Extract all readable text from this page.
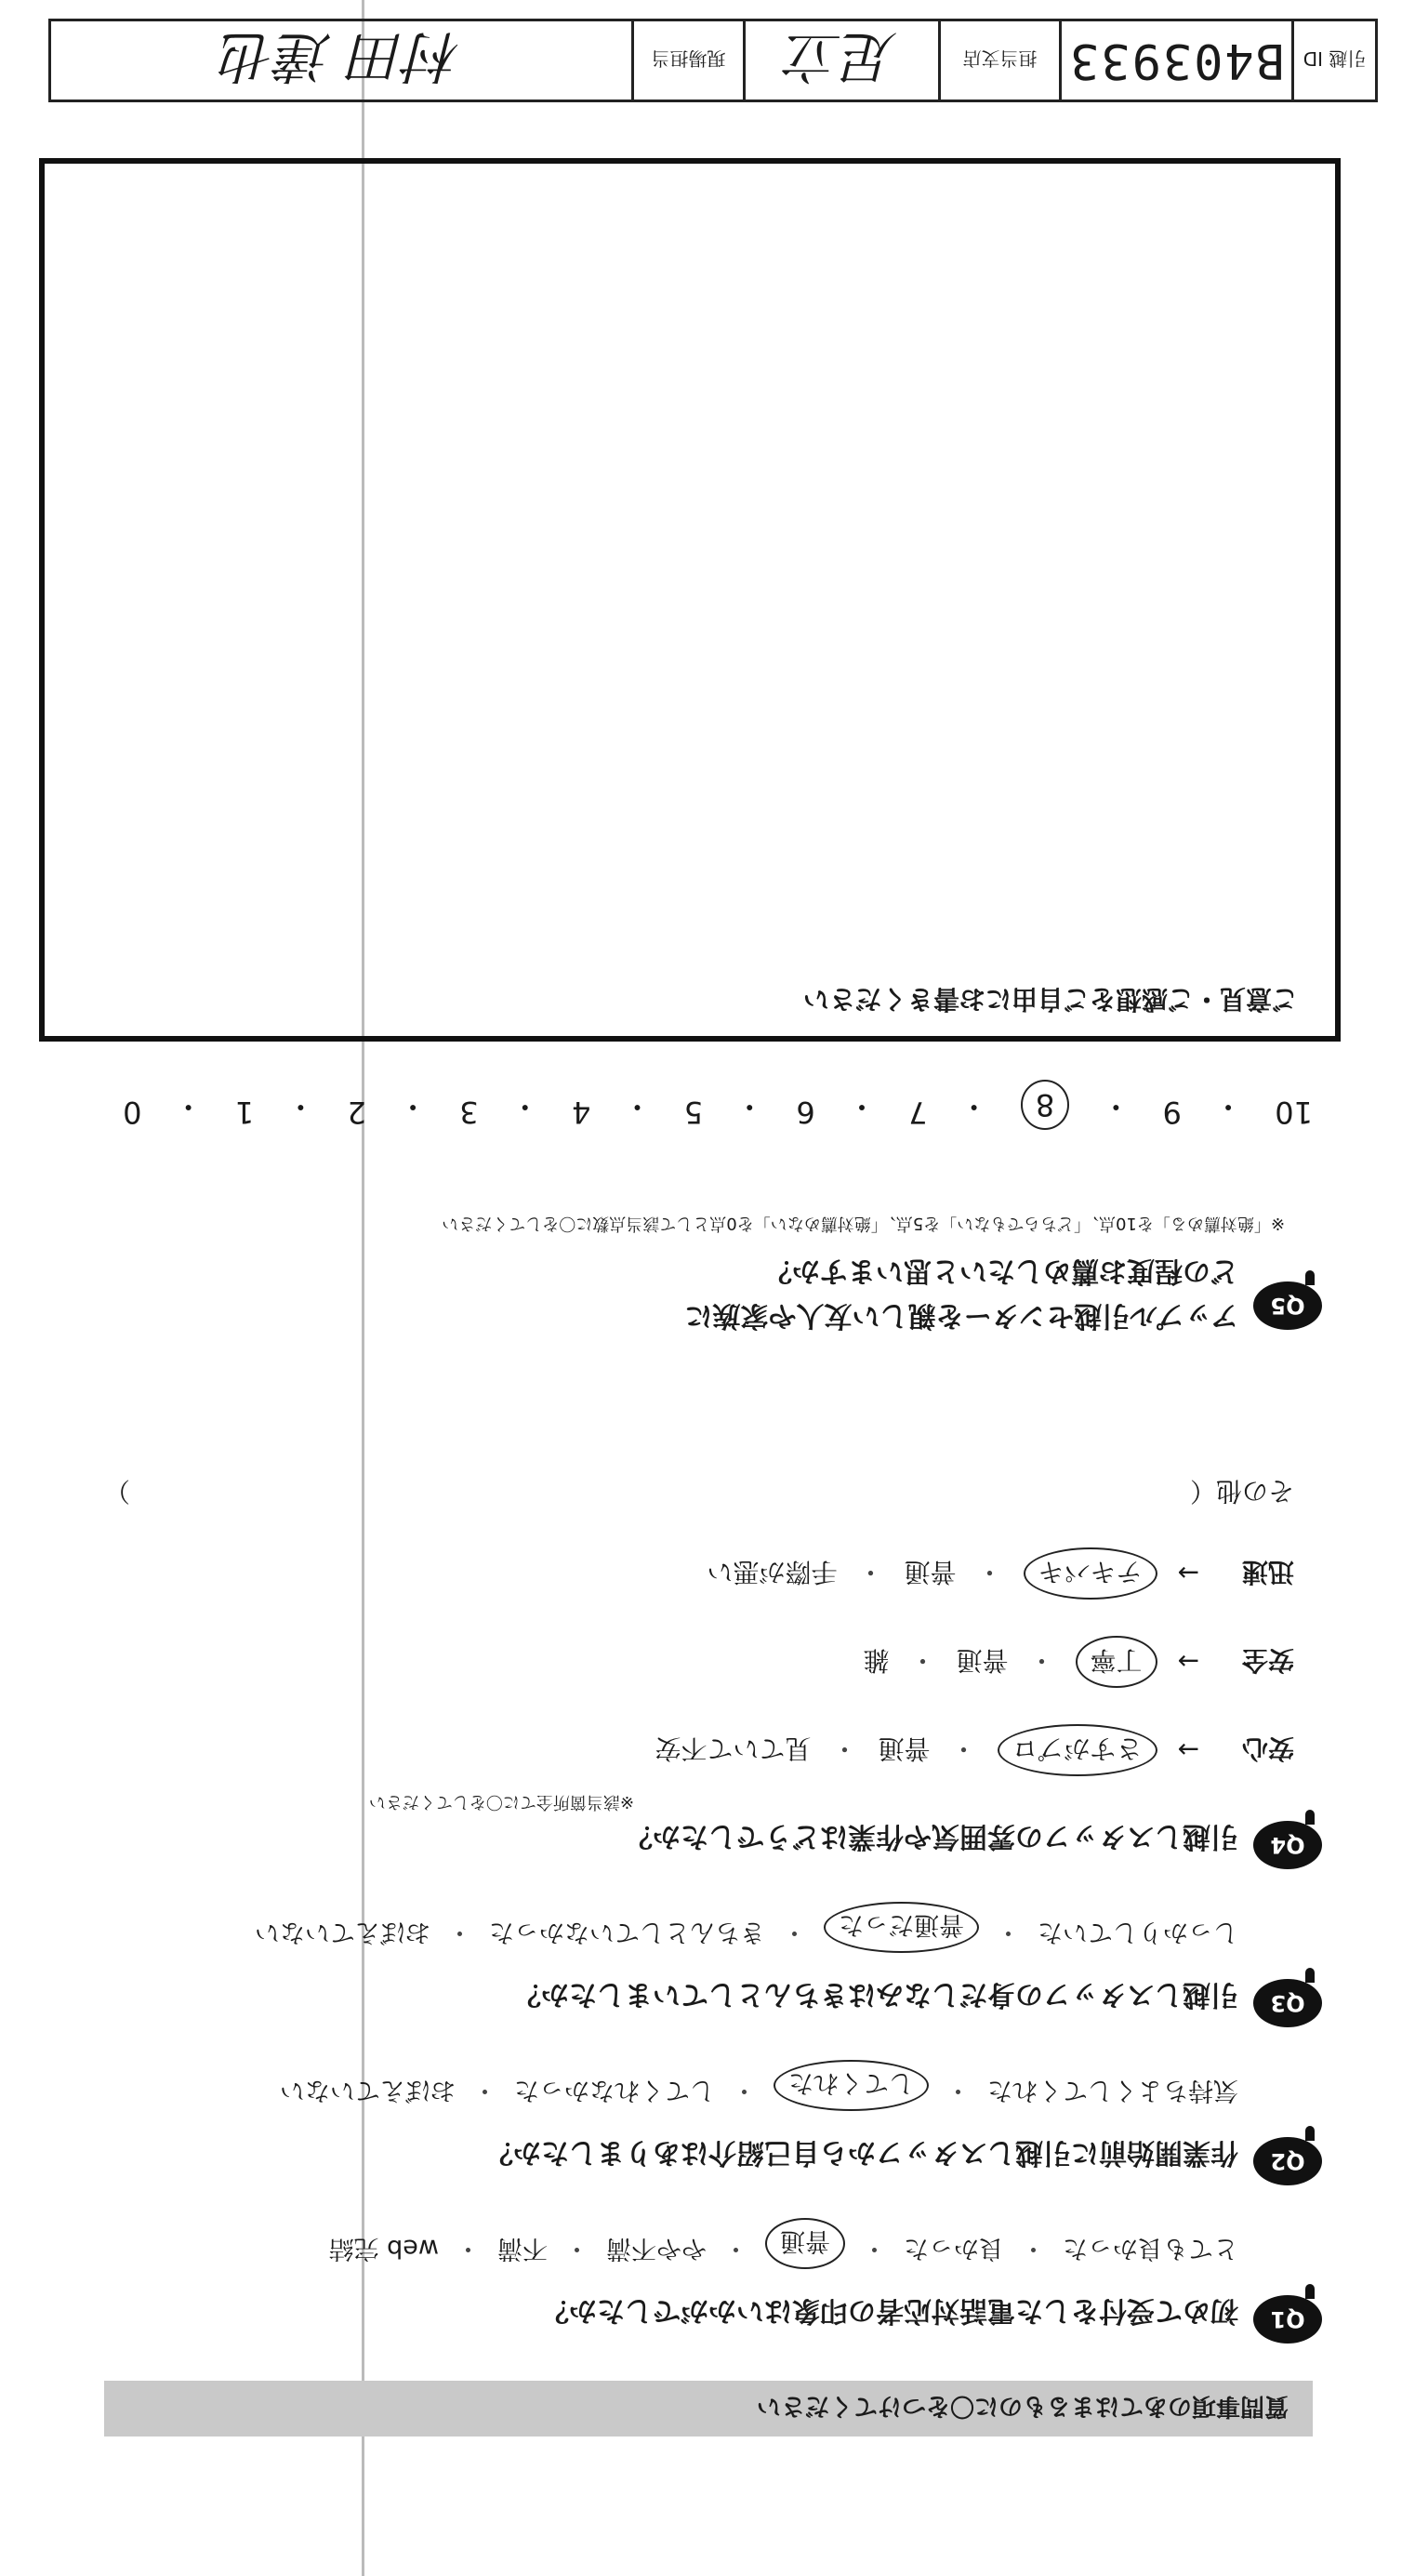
質問事項のあてはまるものに〇をつけてください
Q1
初めて受付をした電話対応者の印象はいかがでしたか？
とても良かった
・
良かった
・
普通
・
やや不満
・
不満
・
web 完結
Q2
作業開始前に引越しスタッフから自己紹介はありましたか？
気持ちよくしてくれた
・
してくれた
・
してくれなかった
・
おぼえていない
Q3
引越しスタッフの身だしなみはきちんとしていましたか？
しっかりしていた
・
普通だった
・
きちんとしていなかった
・
おぼえていない
Q4
引越しスタッフの雰囲気や作業はどうでしたか？
※該当箇所全てに〇をしてください
安心
→
さすがプロ
・
普通
・
見ていて不安
安全
→
丁寧
・
普通
・
雑
迅速
→
テキパキ
・
普通
・
手際が悪い
その他（
）
Q5
アップル引越センターを親しい友人や家族に
どの程度お薦めしたいと思いますか？
※「絶対薦める」を10点、「どちらでもない」を5点、「絶対薦めない」を0点として該当点数に〇をしてください
10
・
9
・
8
・
7
・
6
・
5
・
4
・
3
・
2
・
1
・
0
ご意見・ご感想をご自由にお書きください
引越 ID
B403933
担当支店
足立
現場担当
村田 達也
